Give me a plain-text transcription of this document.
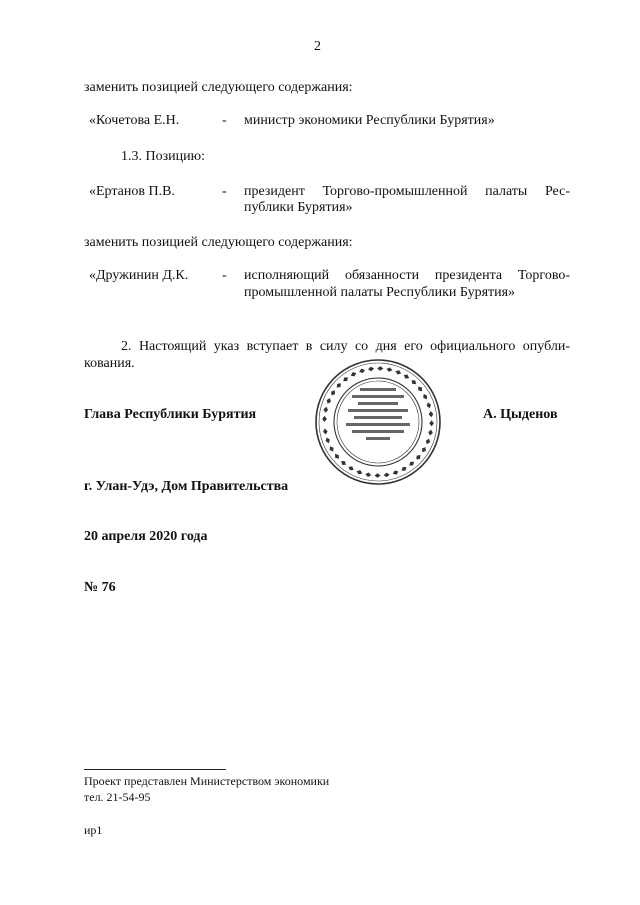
2
заменить позицией следующего содержания:
«Кочетова Е.Н.	- министр экономики Республики Бурятия»
1.3. Позицию:
«Ертанов П.В.	- президент Торгово-промышленной палаты Рес-
публики Бурятия»
заменить позицией следующего содержания:
«Дружинин Д.К. - исполняющий обязанности президента Торгово-
промышленной палаты Республики Бурятия»
2. Настоящий указ вступает в силу со дня его официального опубли-
кования.
◆ ◆ ◆ ◆ ◆ ◆ ◆ ◆ ◆ ◆ ◆ ◆ ◆ ◆ ◆ ◆ ◆ ◆ ◆ ◆ ◆ ◆ ◆ ◆ ◆ ◆ ◆ ◆ ◆ ◆ ◆ ◆ ◆ ◆ ◆ ◆
Глава Республики Бурятия	А. Цыденов
г. Улан-Удэ, Дом Правительства
20 апреля 2020 года
№ 76
Проект представлен Министерством экономики
тел. 21-54-95
ир1
